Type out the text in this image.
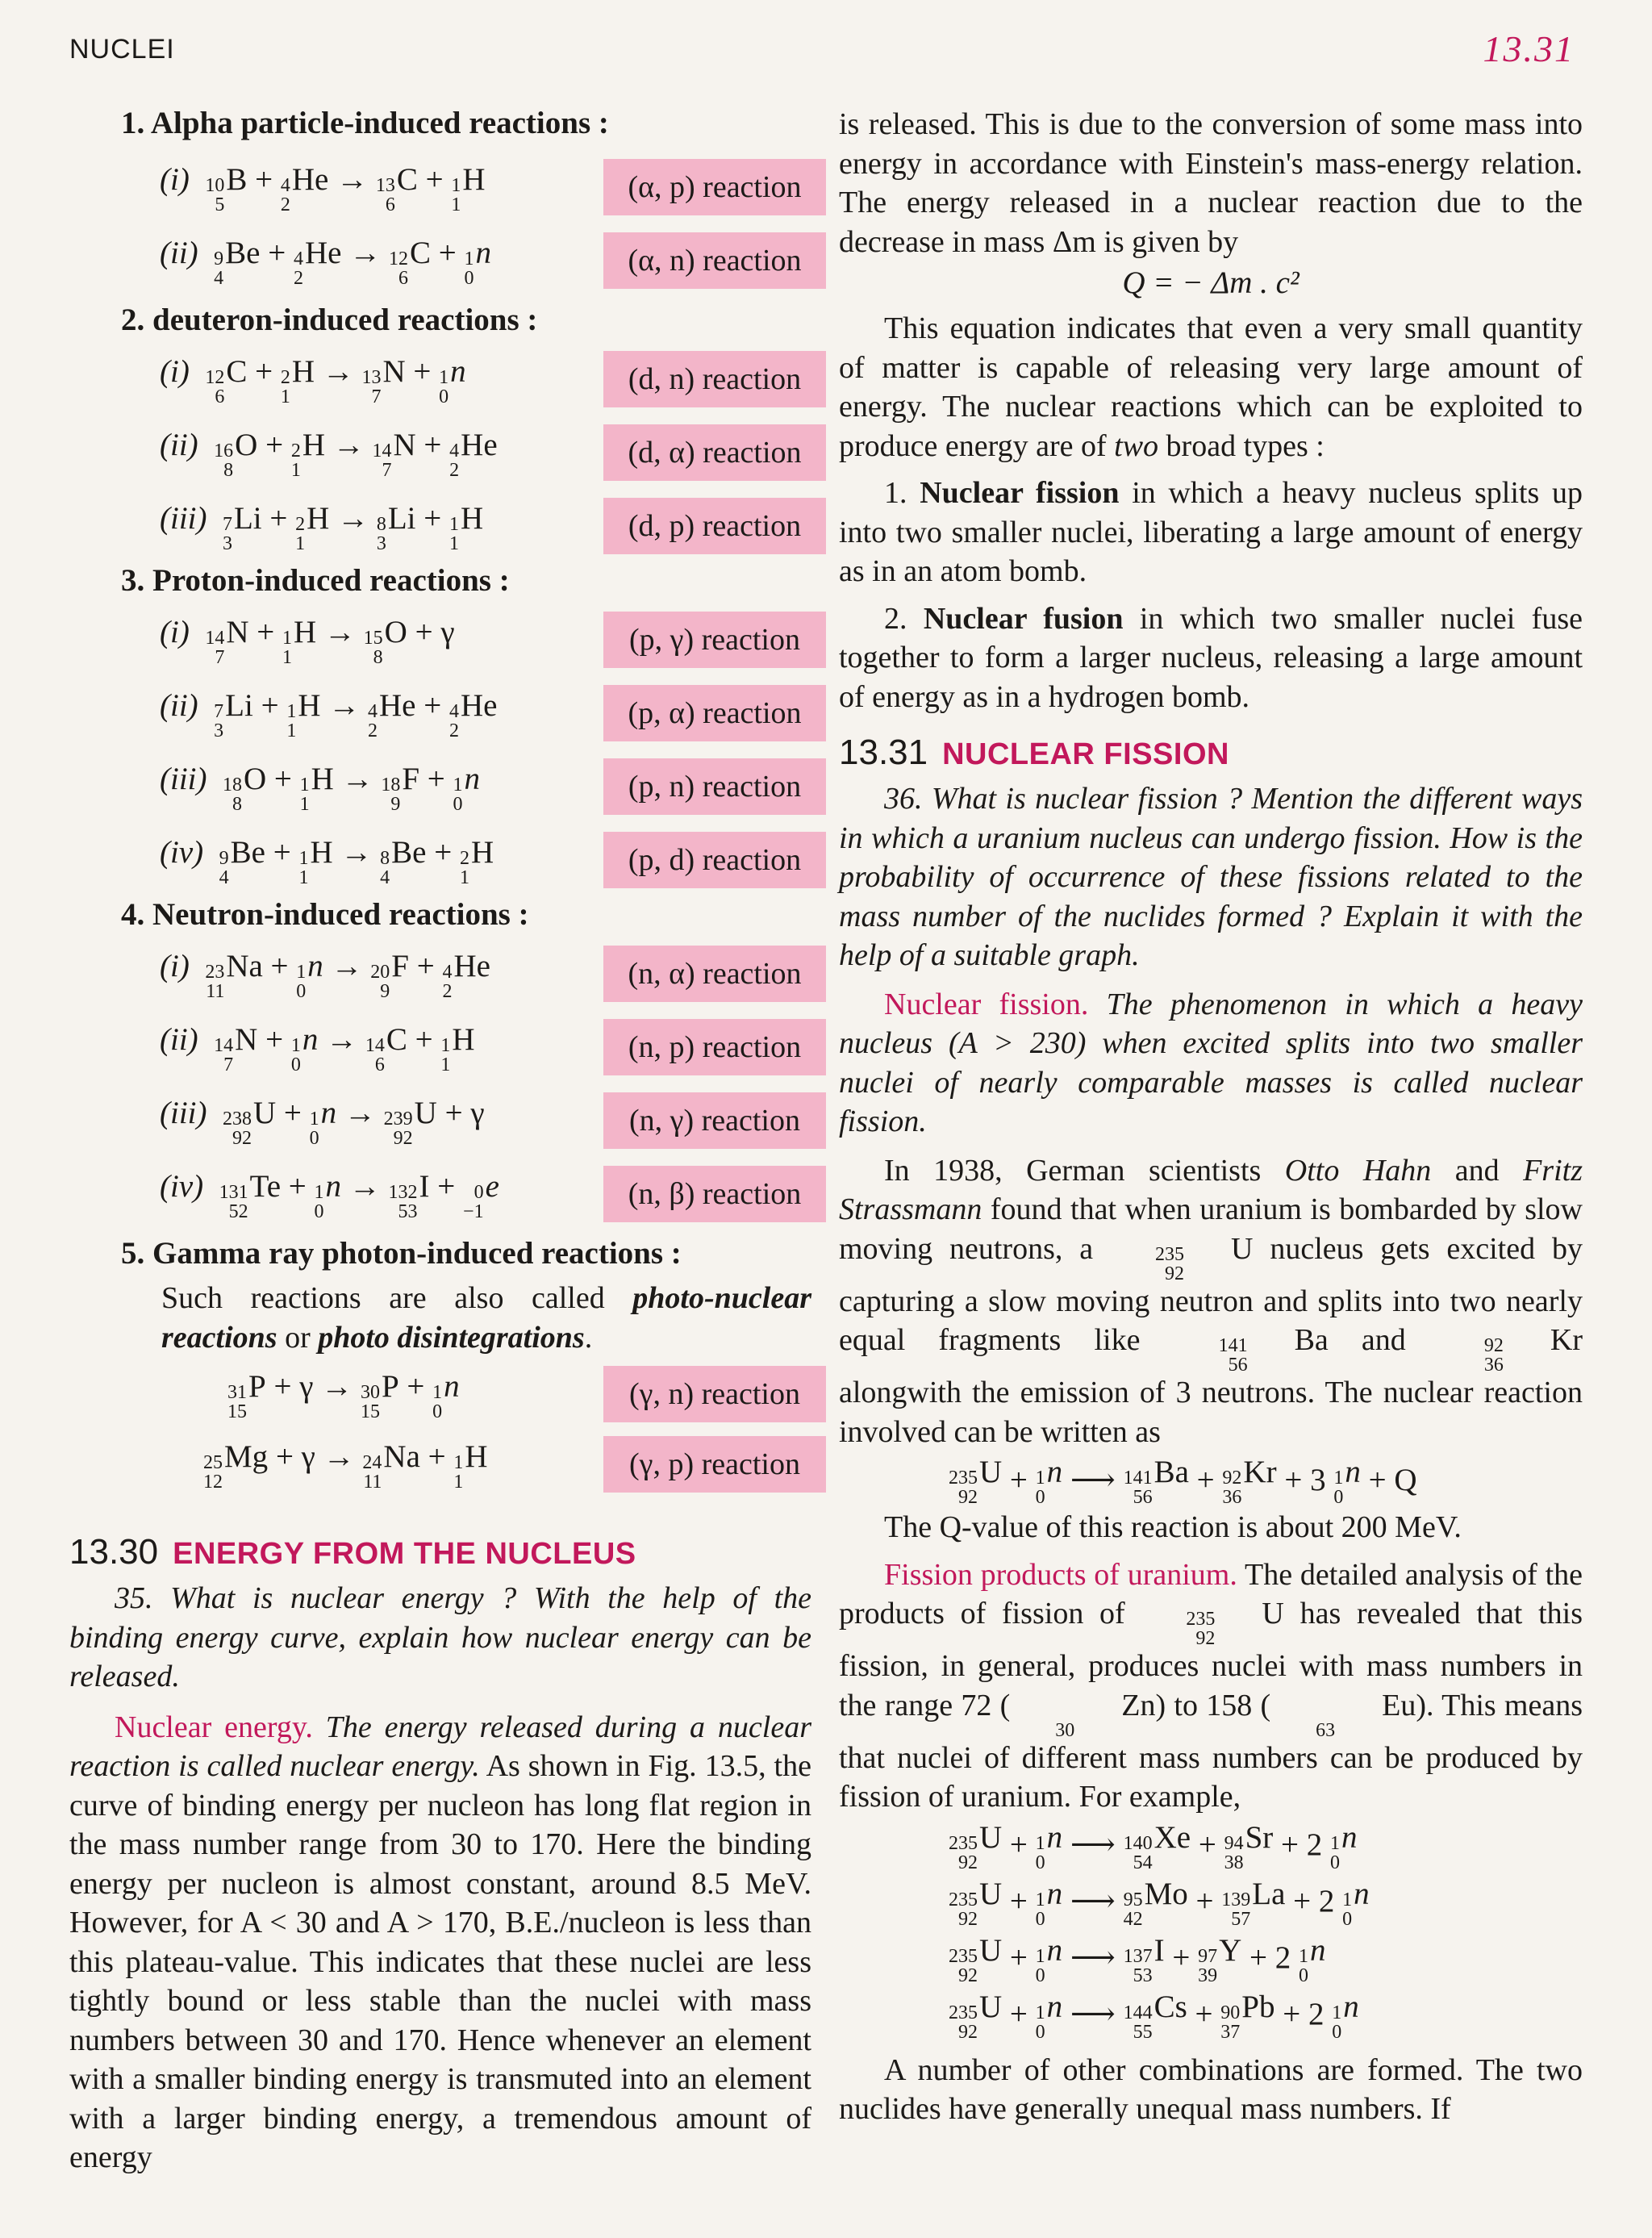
NUCLEI	13.31
1. Alpha particle-induced reactions :
(i) 10
5
B + 4
2
He → 13
6
C + 1
1
H	(α, p) reaction
(ii) 9
4
Be + 4
2
He → 12
6
C + 1
0
n	(α, n) reaction
2. deuteron-induced reactions :
(i) 12
6
C + 2
1
H → 13
7
N + 1
0
n	(d, n) reaction
(ii) 16
8
O + 2
1
H → 14
7
N + 4
2
He	(d, α) reaction
(iii) 7
3
Li + 2
1
H → 8
3
Li + 1
1
H	(d, p) reaction
3. Proton-induced reactions :
(i) 14
7
N + 1
1
H → 15
8
O + γ	(p, γ) reaction
(ii) 7
3
Li + 1
1
H → 4
2
He + 4
2
He	(p, α) reaction
(iii) 18
8
O + 1
1
H → 18
9
F + 1
0
n	(p, n) reaction
(iv) 9
4
Be + 1
1
H → 8
4
Be + 2
1
H	(p, d) reaction
4. Neutron-induced reactions :
(i) 23
11
Na + 1
0
n → 20
9
F + 4
2
He	(n, α) reaction
(ii) 14
7
N + 1
0
n → 14
6
C + 1
1
H	(n, p) reaction
(iii) 238
92
U + 1
0
n → 239
92
U + γ	(n, γ) reaction
(iv) 131
52
Te + 1
0
n → 132
53
I + 0
−1
e	(n, β) reaction
5. Gamma ray photon-induced reactions :

Such reactions are also called photo-nuclear reactions or photo disintegrations.

31
15
P + γ → 30
15
P + 1
0
n	(γ, n) reaction
25
12
Mg + γ → 24
11
Na + 1
1
H	(γ, p) reaction
13.30 ENERGY FROM THE NUCLEUS

35. What is nuclear energy ? With the help of the binding energy curve, explain how nuclear energy can be released.

Nuclear energy. The energy released during a nuclear reaction is called nuclear energy. As shown in Fig. 13.5, the curve of binding energy per nucleon has long flat region in the mass number range from 30 to 170. Here the binding energy per nucleon is almost constant, around 8.5 MeV. However, for A < 30 and A > 170, B.E./nucleon is less than this plateau-value. This indicates that these nuclei are less tightly bound or less stable than the nuclei with mass numbers between 30 and 170. Hence whenever an element with a smaller binding energy is transmuted into an element with a larger binding energy, a tremendous amount of energy

is released. This is due to the conversion of some mass into energy in accordance with Einstein's mass-energy relation. The energy released in a nuclear reaction due to the decrease in mass Δm is given by

Q = − Δm . c²

This equation indicates that even a very small quantity of matter is capable of releasing very large amount of energy. The nuclear reactions which can be exploited to produce energy are of two broad types :

1. Nuclear fission in which a heavy nucleus splits up into two smaller nuclei, liberating a large amount of energy as in an atom bomb.

2. Nuclear fusion in which two smaller nuclei fuse together to form a larger nucleus, releasing a large amount of energy as in a hydrogen bomb.

13.31 NUCLEAR FISSION

36. What is nuclear fission ? Mention the different ways in which a uranium nucleus can undergo fission. How is the probability of occurrence of these fissions related to the mass number of the nuclides formed ? Explain it with the help of a suitable graph.

Nuclear fission. The phenomenon in which a heavy nucleus (A > 230) when excited splits into two smaller nuclei of nearly comparable masses is called nuclear fission.

In 1938, German scientists Otto Hahn and Fritz Strassmann found that when uranium is bombarded by slow moving neutrons, a	235
92
U nucleus gets excited by capturing a slow moving neutron and splits into two nearly equal fragments like	141
56
Ba and	92
36
Kr alongwith the emission of 3 neutrons. The nuclear reaction involved can be written as

235
92
U + 1
0
n ⟶ 141
56
Ba + 92
36
Kr + 3 1
0
n + Q

The Q-value of this reaction is about 200 MeV.

Fission products of uranium. The detailed analysis of the products of fission of	235
92
U has revealed that this fission, in general, produces nuclei with mass numbers in the range 72 (

30
Zn) to 158 (

63
Eu). This means that nuclei of different mass numbers can be produced by fission of uranium. For example,

235
92
U + 1
0
n ⟶ 140
54
Xe + 94
38
Sr + 2 1
0
n
235
92
U + 1
0
n ⟶ 95
42
Mo + 139
57
La + 2 1
0
n
235
92
U + 1
0
n ⟶ 137
53
I + 97
39
Y + 2 1
0
n
235
92
U + 1
0
n ⟶ 144
55
Cs + 90
37
Pb + 2 1
0
n

A number of other combinations are formed. The two nuclides have generally unequal mass numbers. If
